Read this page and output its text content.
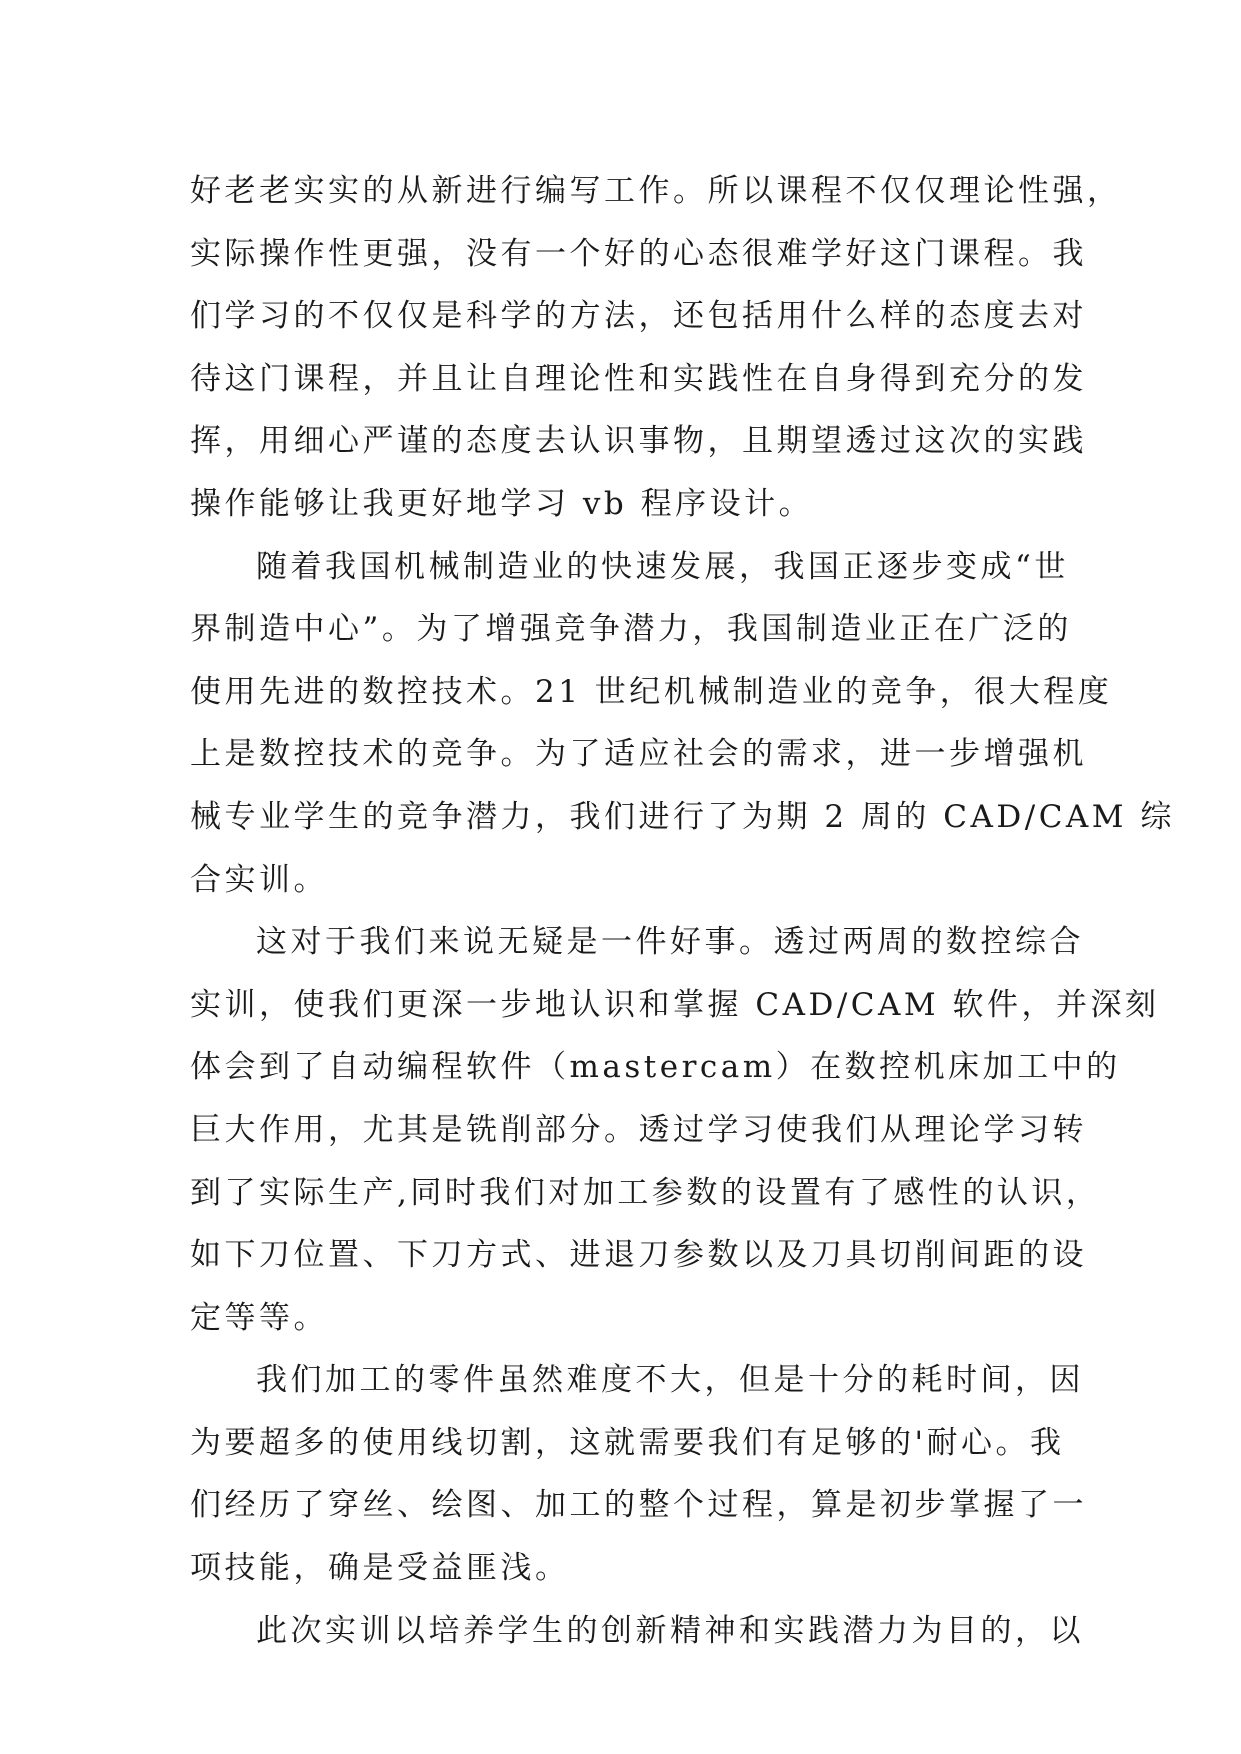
好老老实实的从新进行编写工作。所以课程不仅仅理论性强，
实际操作性更强，没有一个好的心态很难学好这门课程。我
们学习的不仅仅是科学的方法，还包括用什么样的态度去对
待这门课程，并且让自理论性和实践性在自身得到充分的发
挥，用细心严谨的态度去认识事物，且期望透过这次的实践
操作能够让我更好地学习 vb 程序设计。
随着我国机械制造业的快速发展，我国正逐步变成“世
界制造中心”。为了增强竞争潜力，我国制造业正在广泛的
使用先进的数控技术。21 世纪机械制造业的竞争，很大程度
上是数控技术的竞争。为了适应社会的需求，进一步增强机
械专业学生的竞争潜力，我们进行了为期 2 周的 CAD/CAM 综
合实训。
这对于我们来说无疑是一件好事。透过两周的数控综合
实训，使我们更深一步地认识和掌握 CAD/CAM 软件，并深刻
体会到了自动编程软件（mastercam）在数控机床加工中的
巨大作用，尤其是铣削部分。透过学习使我们从理论学习转
到了实际生产,同时我们对加工参数的设置有了感性的认识，
如下刀位置、下刀方式、进退刀参数以及刀具切削间距的设
定等等。
我们加工的零件虽然难度不大，但是十分的耗时间，因
为要超多的使用线切割，这就需要我们有足够的'耐心。我
们经历了穿丝、绘图、加工的整个过程，算是初步掌握了一
项技能，确是受益匪浅。
此次实训以培养学生的创新精神和实践潜力为目的，以
